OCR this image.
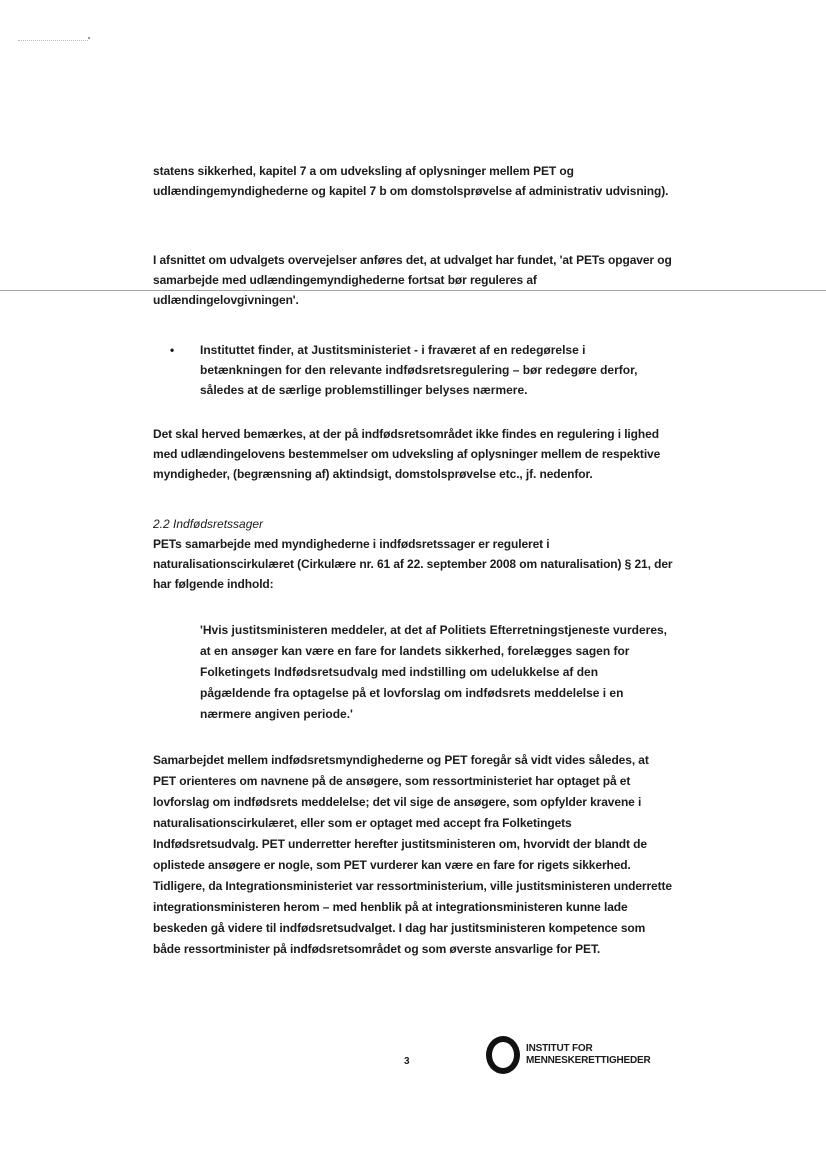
statens sikkerhed, kapitel 7 a om udveksling af oplysninger mellem PET og udlændingemyndighederne og kapitel 7 b om domstolsprøvelse af administrativ udvisning).

I afsnittet om udvalgets overvejelser anføres det, at udvalget har fundet, 'at PETs opgaver og samarbejde med udlændingemyndighederne fortsat bør reguleres af udlændingelovgivningen'.

•	Instituttet finder, at Justitsministeriet - i fraværet af en redegørelse i betænkningen for den relevante indfødsretsregulering – bør redegøre derfor, således at de særlige problemstillinger belyses nærmere.

Det skal herved bemærkes, at der på indfødsretsområdet ikke findes en regulering i lighed med udlændingelovens bestemmelser om udveksling af oplysninger mellem de respektive myndigheder, (begrænsning af) aktindsigt, domstolsprøvelse etc., jf. nedenfor.

2.2 Indfødsretssager

PETs samarbejde med myndighederne i indfødsretssager er reguleret i naturalisationscirkulæret (Cirkulære nr. 61 af 22. september 2008 om naturalisation) § 21, der har følgende indhold:

'Hvis justitsministeren meddeler, at det af Politiets Efterretningstjeneste vurderes, at en ansøger kan være en fare for landets sikkerhed, forelægges sagen for Folketingets Indfødsretsudvalg med indstilling om udelukkelse af den pågældende fra optagelse på et lovforslag om indfødsrets meddelelse i en nærmere angiven periode.'

Samarbejdet mellem indfødsretsmyndighederne og PET foregår så vidt vides således, at PET orienteres om navnene på de ansøgere, som ressortministeriet har optaget på et lovforslag om indfødsrets meddelelse; det vil sige de ansøgere, som opfylder kravene i naturalisationscirkulæret, eller som er optaget med accept fra Folketingets Indfødsretsudvalg. PET underretter herefter justitsministeren om, hvorvidt der blandt de oplistede ansøgere er nogle, som PET vurderer kan være en fare for rigets sikkerhed. Tidligere, da Integrationsministeriet var ressortministerium, ville justitsministeren underrette integrationsministeren herom – med henblik på at integrationsministeren kunne lade beskeden gå videre til indfødsretsudvalget. I dag har justitsministeren kompetence som både ressortminister på indfødsretsområdet og som øverste ansvarlige for PET.

3
INSTITUT FOR
MENNESKERETTIGHEDER
